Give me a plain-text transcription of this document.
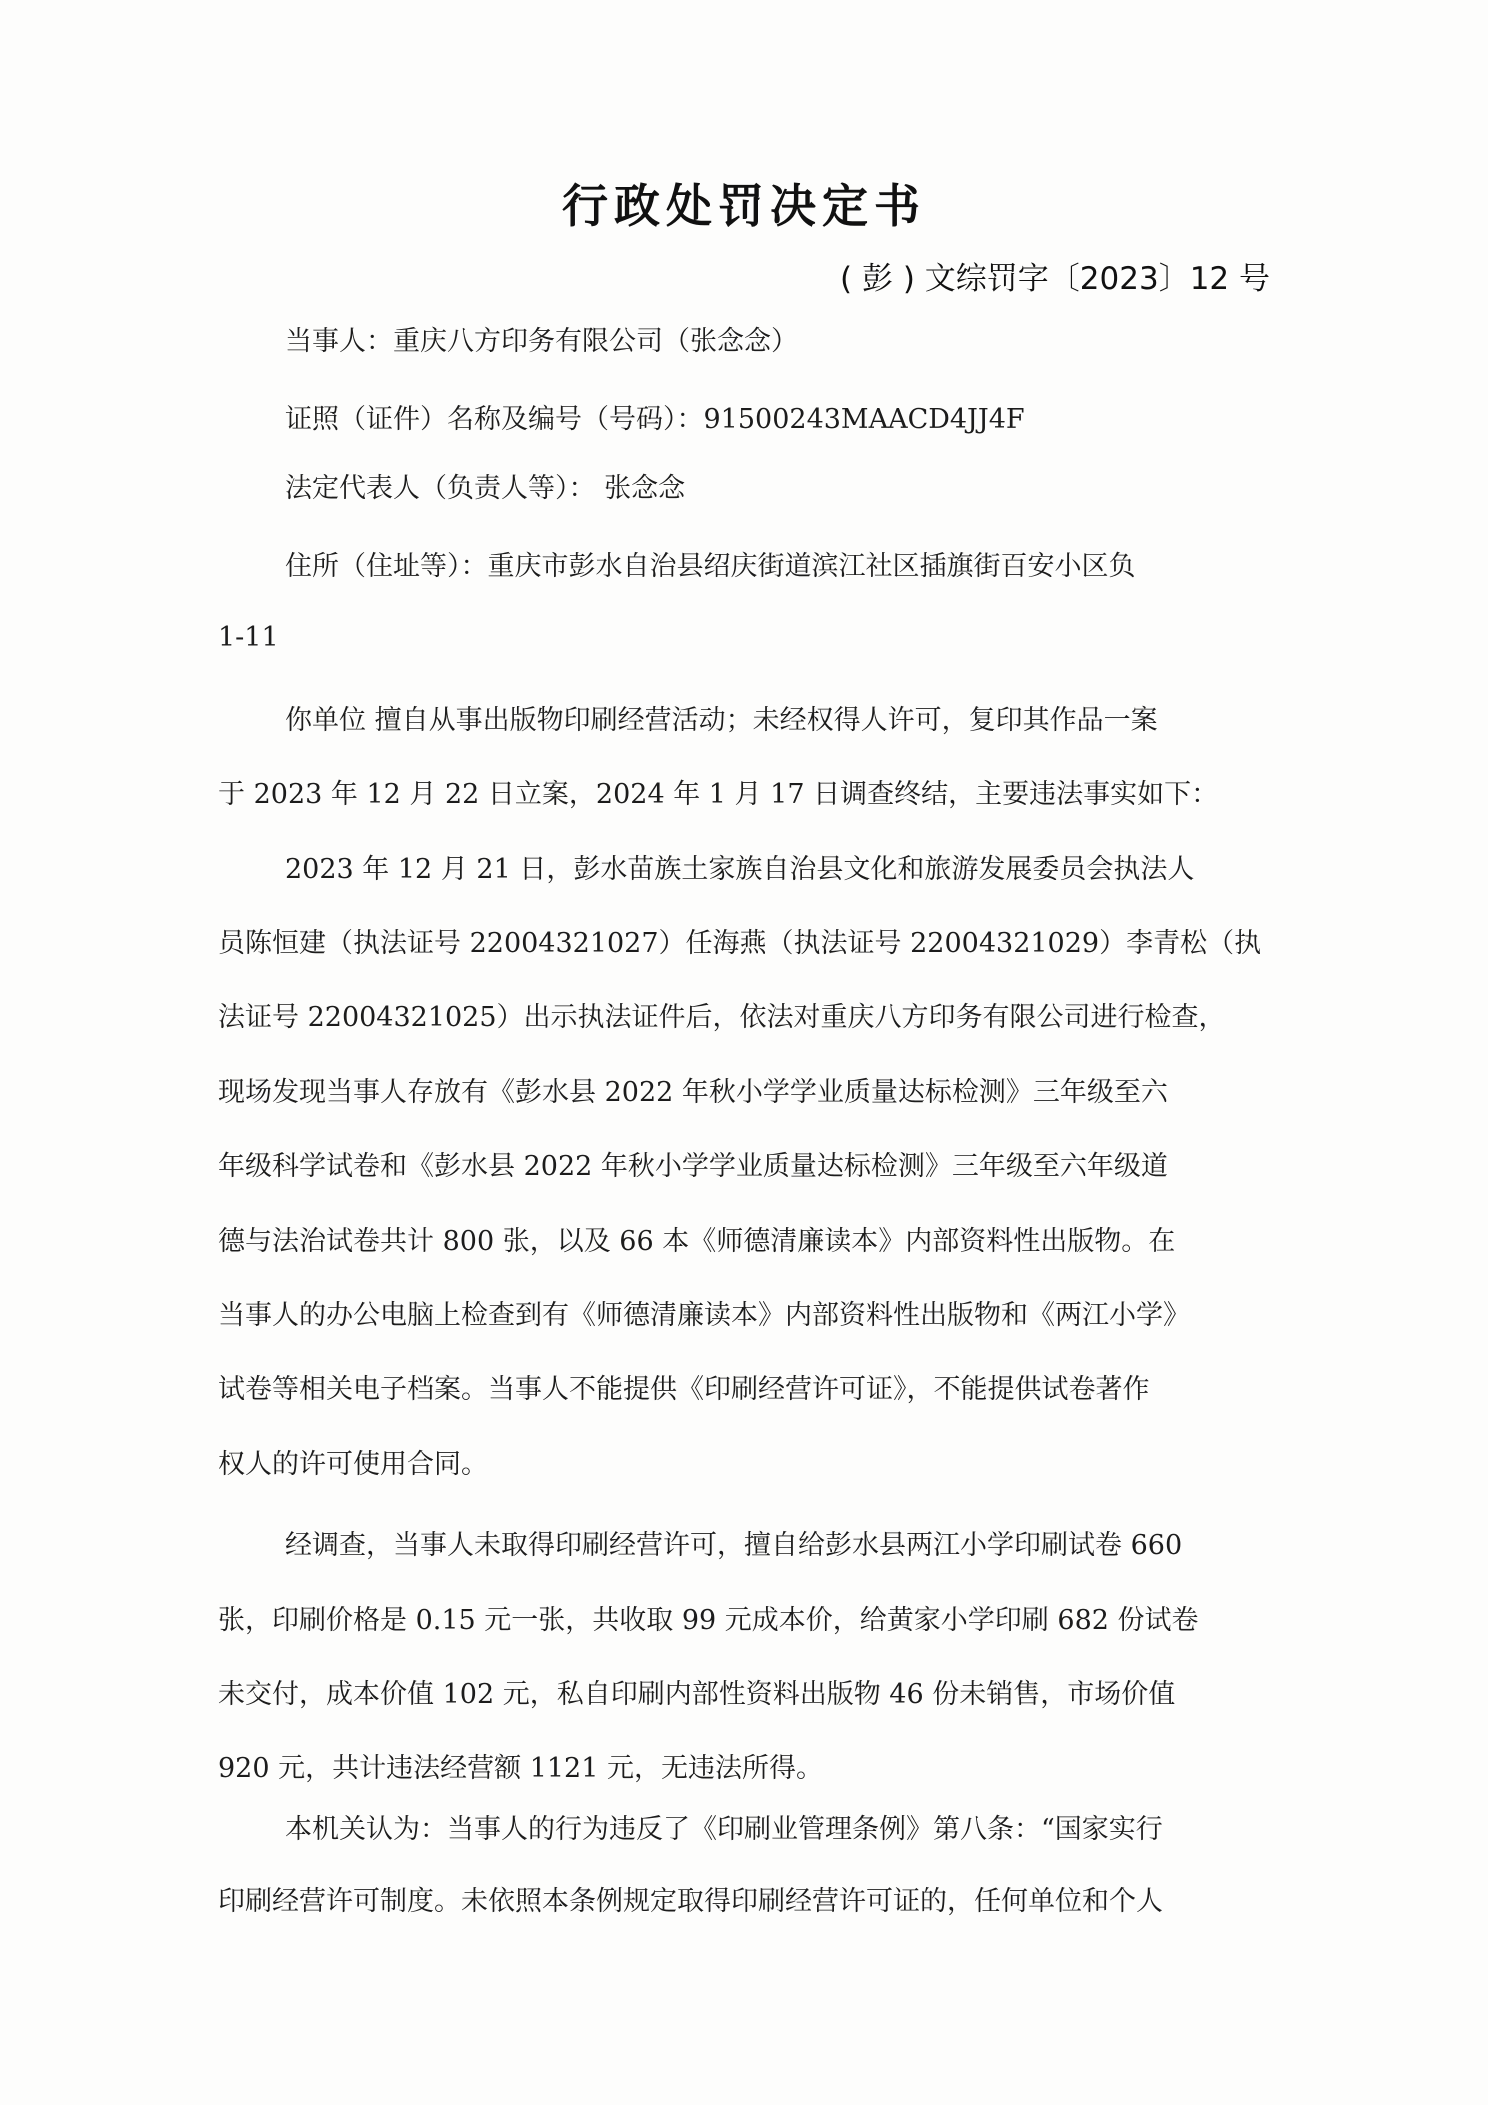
行政处罚决定书
( 彭 ) 文综罚字〔2023〕12 号
当事人：重庆八方印务有限公司（张念念）
证照（证件）名称及编号（号码）：91500243MAACD4JJ4F
法定代表人（负责人等）： 张念念
住所（住址等）：重庆市彭水自治县绍庆街道滨江社区插旗街百安小区负
1-11
你单位 擅自从事出版物印刷经营活动；未经权得人许可，复印其作品一案
于 2023 年 12 月 22 日立案，2024 年 1 月 17 日调查终结，主要违法事实如下：
2023 年 12 月 21 日，彭水苗族土家族自治县文化和旅游发展委员会执法人
员陈恒建（执法证号 22004321027）任海燕（执法证号 22004321029）李青松（执
法证号 22004321025）出示执法证件后，依法对重庆八方印务有限公司进行检查，
现场发现当事人存放有《彭水县 2022 年秋小学学业质量达标检测》三年级至六
年级科学试卷和《彭水县 2022 年秋小学学业质量达标检测》三年级至六年级道
德与法治试卷共计 800 张，以及 66 本《师德清廉读本》内部资料性出版物。在
当事人的办公电脑上检查到有《师德清廉读本》内部资料性出版物和《两江小学》
试卷等相关电子档案。当事人不能提供《印刷经营许可证》，不能提供试卷著作
权人的许可使用合同。
经调查，当事人未取得印刷经营许可，擅自给彭水县两江小学印刷试卷 660
张，印刷价格是 0.15 元一张，共收取 99 元成本价，给黄家小学印刷 682 份试卷
未交付，成本价值 102 元，私自印刷内部性资料出版物 46 份未销售，市场价值
920 元，共计违法经营额 1121 元，无违法所得。
本机关认为：当事人的行为违反了《印刷业管理条例》第八条：“国家实行
印刷经营许可制度。未依照本条例规定取得印刷经营许可证的，任何单位和个人
